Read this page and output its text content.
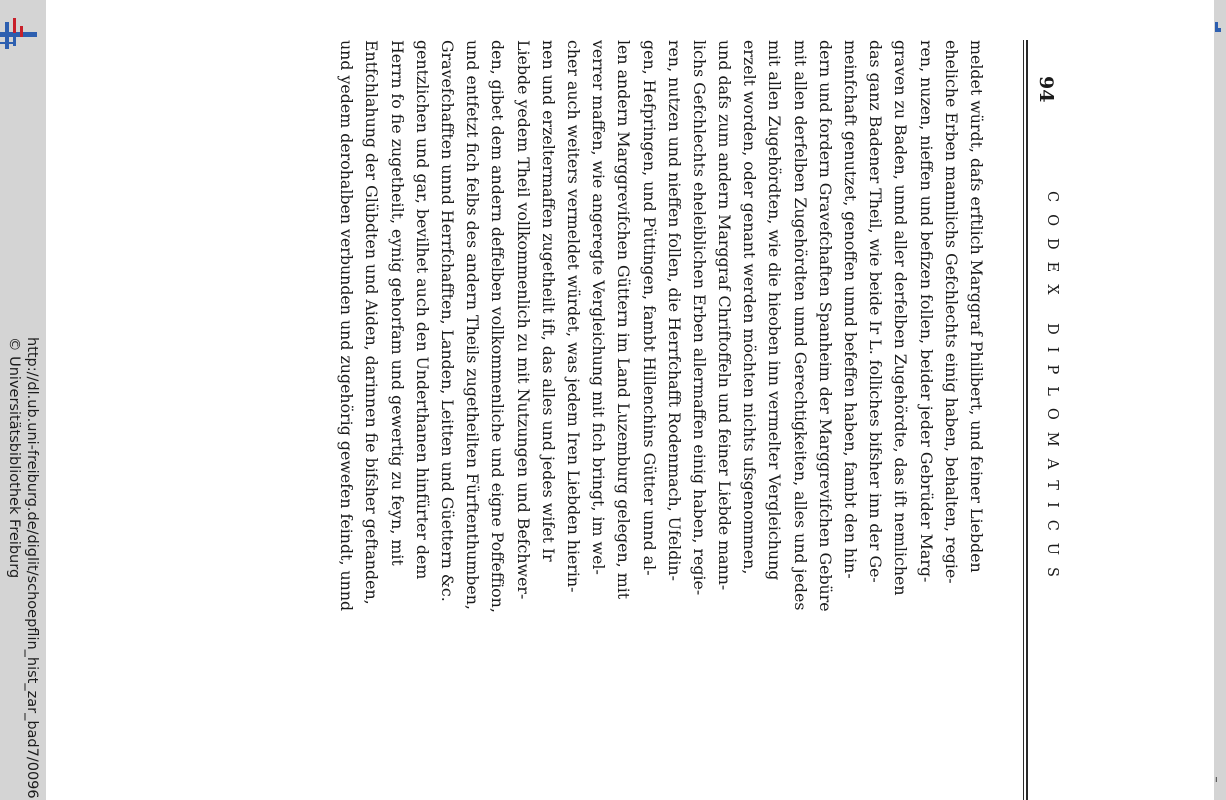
http://dl.ub.uni-freiburg.de/diglit/schoepflin_hist_zar_bad7/0096
© Universitätsbibliothek Freiburg
ı
94
CODEX DIPLOMATICUS
meldet würdt, dafs erftlich Marggraf Philibert, und feiner Liebden
eheliche Erben mannlichs Gefchlechts einig haben, behalten, regie-
ren, nuzen, nieffen und befizen follen, beider jeder Gebrüder Marg-
graven zu Baden, unnd aller derfelben Zugehördte, das ift nemlichen
das ganz Badener Theil, wie beide Ir L. folliches bifsher inn der Ge-
meinfchaft genutzet, genoffen unnd befeffen haben, fambt den hin-
dern und fordern Gravefchaften Spanheim der Marggrevifchen Gebüre
mit allen derfelben Zugehördten unnd Gerechtigkeiten, alles und jedes
mit allen Zugehördten, wie die hieoben inn vermelter Vergleichung
erzelt worden, oder genant werden möchten nichts ufsgenommen,
und dafs zum andern Marggraf Chriftoffeln und feiner Liebde mann-
lichs Gefchlechts eheleiblichen Erben allermaffen einig haben, regie-
ren, nutzen und nieffen follen, die Herrfchafft Rodenmach, Ufeldin-
gen, Hefpringen, und Püttingen, fambt Hillenchins Gütter unnd al-
len andern Marggrevifchen Güttern im Land Luzemburg gelegen, mit
verrer maffen, wie angeregte Vergleichung mit fich bringt, im wel-
cher auch weiters vermeldet würdet, was jedem Iren Liebden hierin-
nen und erzeltermaffen zugetheilt ift, das alles und jedes wifet Ir
Liebde yedem Theil vollkommenlich zu mit Nutzungen und Befchwer-
den, gibet dem andern deffelben vollkommenliche und eigne Poffeffion,
und entfetzt fich felbs des andern Theils zugetheilten Fürftenthumben,
Gravefchafften unnd Herrfchafften, Landen, Leitten und Güettern &c.
gentzlichen und gar, bevilhet auch den Underthanen hinfürter dem
Herrn fo fie zugetheilt, eynig gehorfam und gewertig zu feyn, mit
Entfchlahung der Glübdten und Aiden, darinnen fie bifsher geftanden,
und yedem derohalben verbunden und zugehörig gewefen feindt, unnd
